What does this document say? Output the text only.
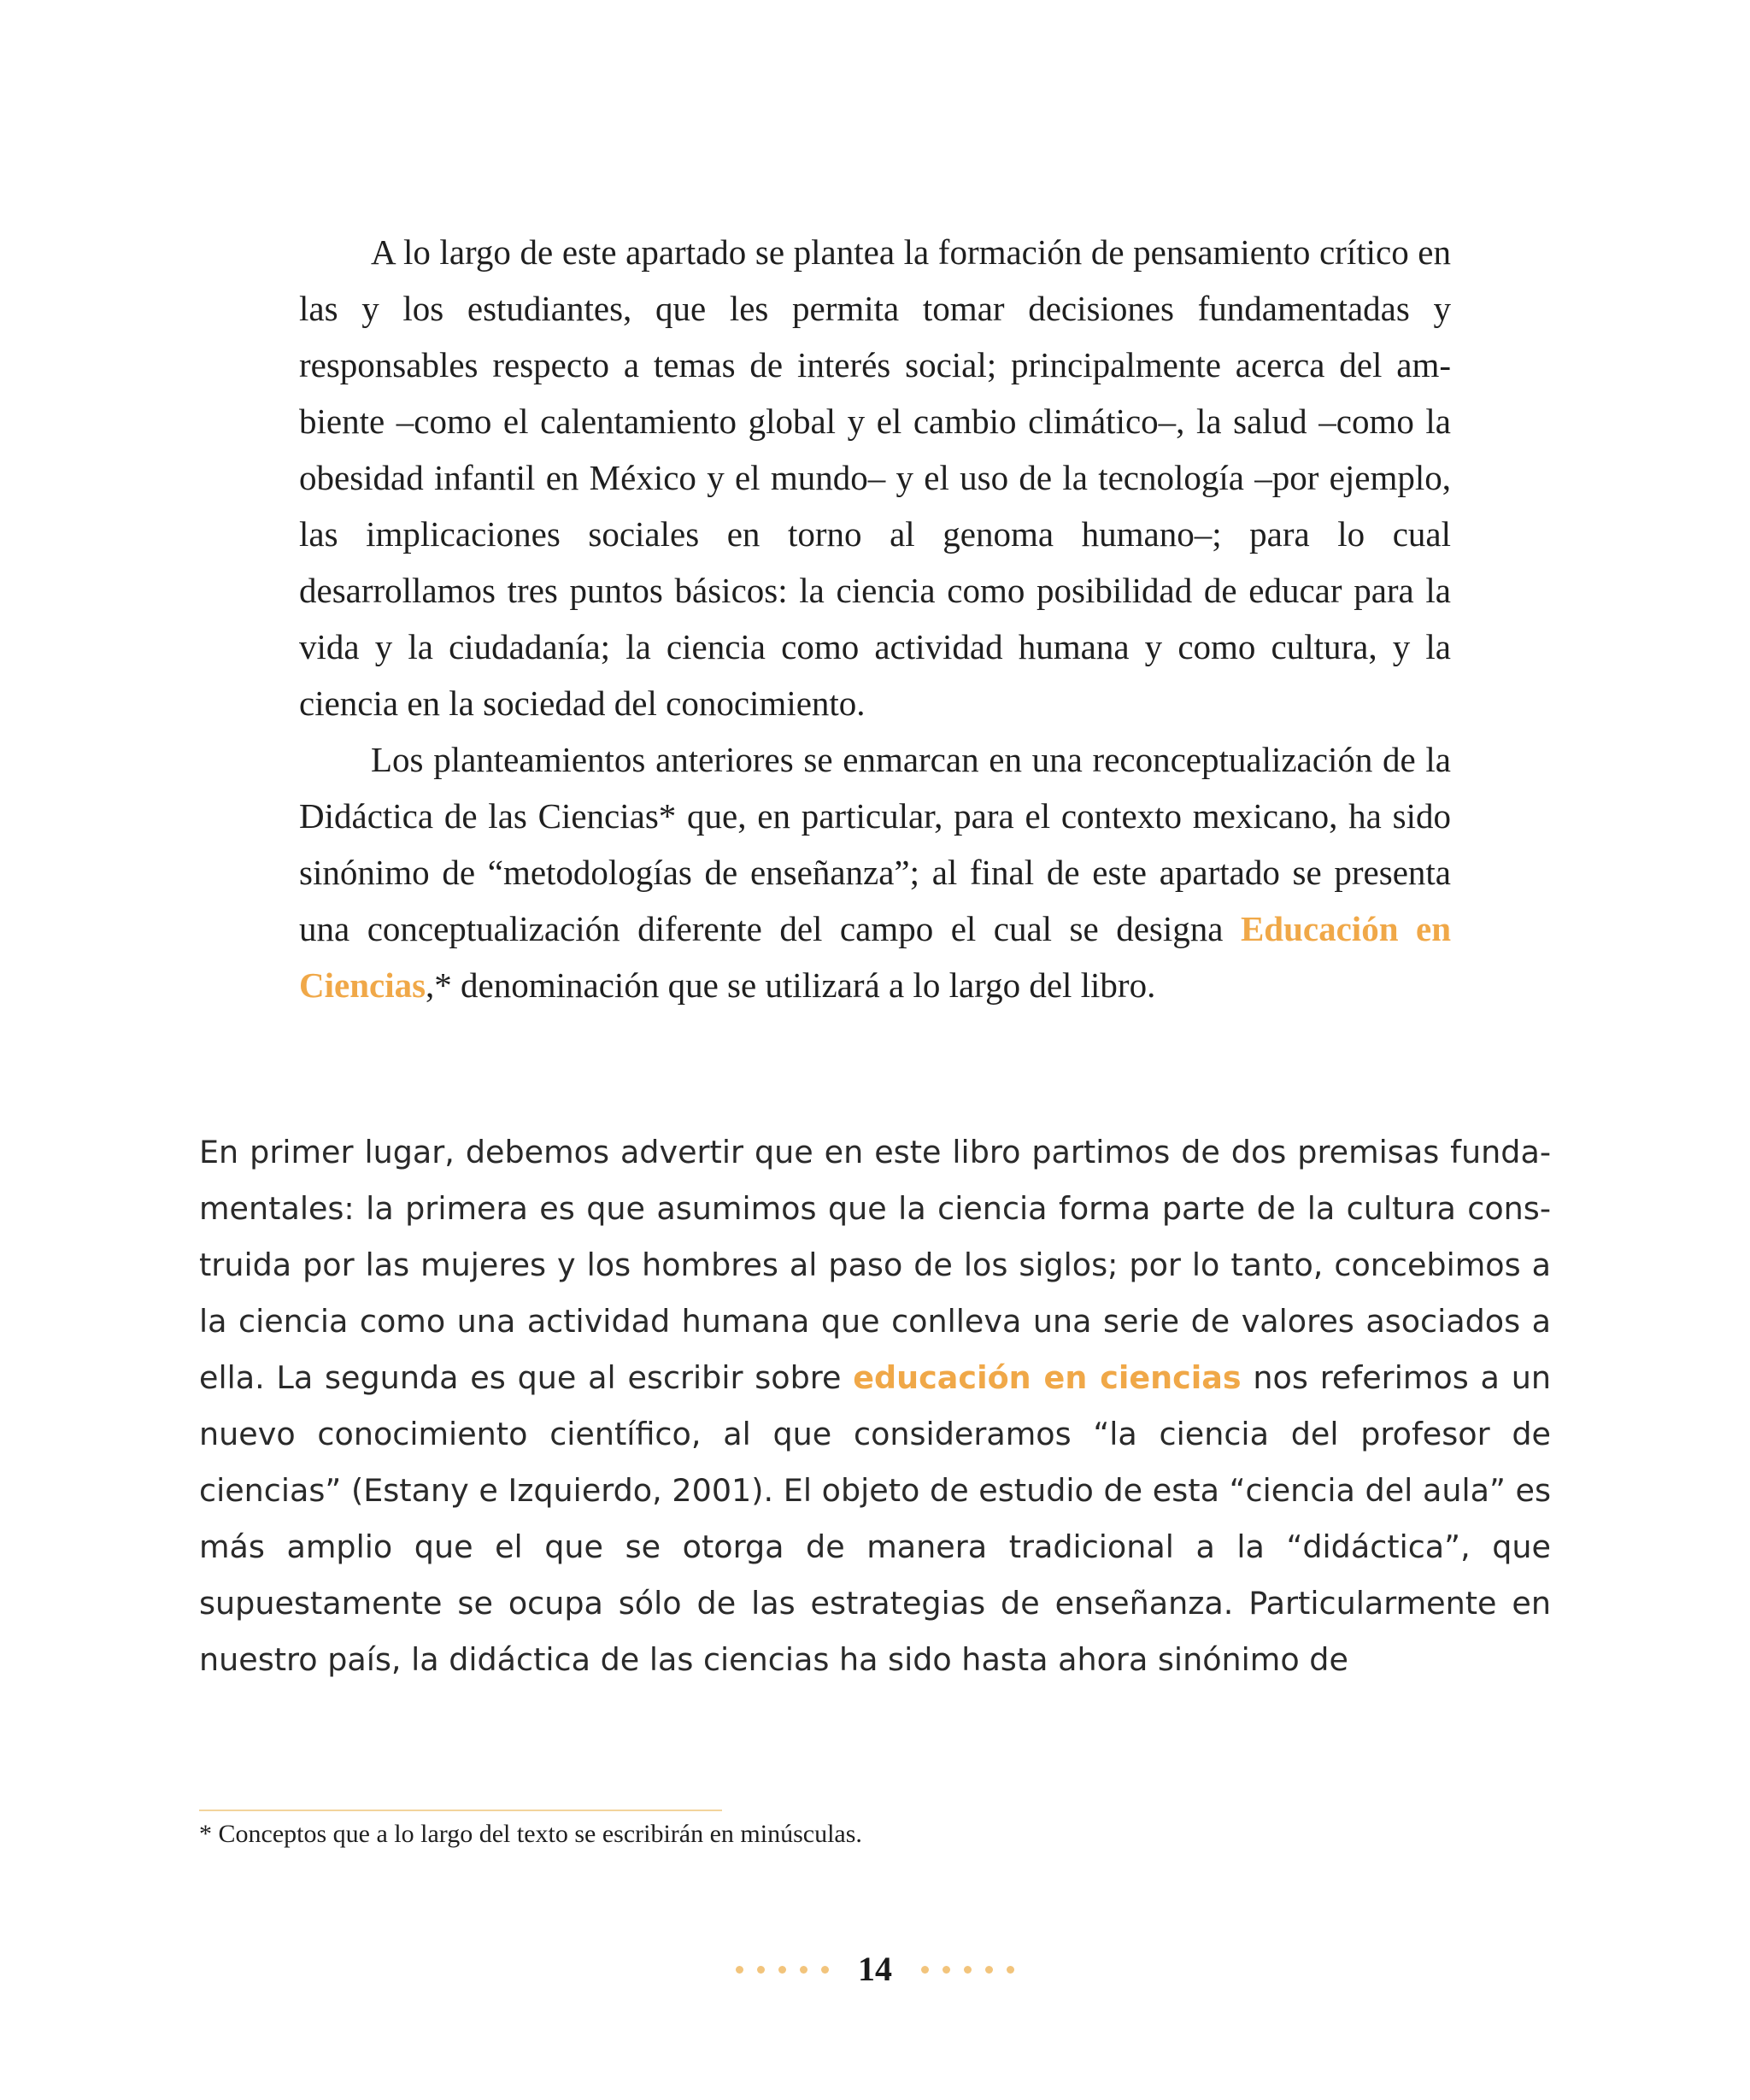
A lo largo de este apartado se plantea la formación de pensamiento crítico en las y los estudiantes, que les permita tomar decisiones fundamentadas y responsables respecto a temas de interés social; principalmente acerca del ambiente –como el calentamiento global y el cambio climático–, la salud –como la obesidad infantil en México y el mundo– y el uso de la tecnología –por ejemplo, las implicaciones sociales en torno al genoma humano–; para lo cual desarrollamos tres puntos básicos: la ciencia como posibilidad de educar para la vida y la ciudadanía; la ciencia como actividad humana y como cultura, y la ciencia en la sociedad del conocimiento.

Los planteamientos anteriores se enmarcan en una reconceptualización de la Didáctica de las Ciencias* que, en particular, para el contexto mexicano, ha sido sinónimo de “metodologías de enseñanza”; al final de este apartado se presenta una conceptualización diferente del campo el cual se designa Educación en Ciencias,* denominación que se utilizará a lo largo del libro.

En primer lugar, debemos advertir que en este libro partimos de dos premisas fundamentales: la primera es que asumimos que la ciencia forma parte de la cultura construida por las mujeres y los hombres al paso de los siglos; por lo tanto, concebimos a la ciencia como una actividad humana que conlleva una serie de valores asociados a ella. La segunda es que al escribir sobre educación en ciencias nos referimos a un nuevo conocimiento científico, al que consideramos “la ciencia del profesor de ciencias” (Estany e Izquierdo, 2001). El objeto de estudio de esta “ciencia del aula” es más amplio que el que se otorga de manera tradicional a la “didáctica”, que supuestamente se ocupa sólo de las estrategias de enseñanza. Particularmente en nuestro país, la didáctica de las ciencias ha sido hasta ahora sinónimo de

* Conceptos que a lo largo del texto se escribirán en minúsculas.
14
